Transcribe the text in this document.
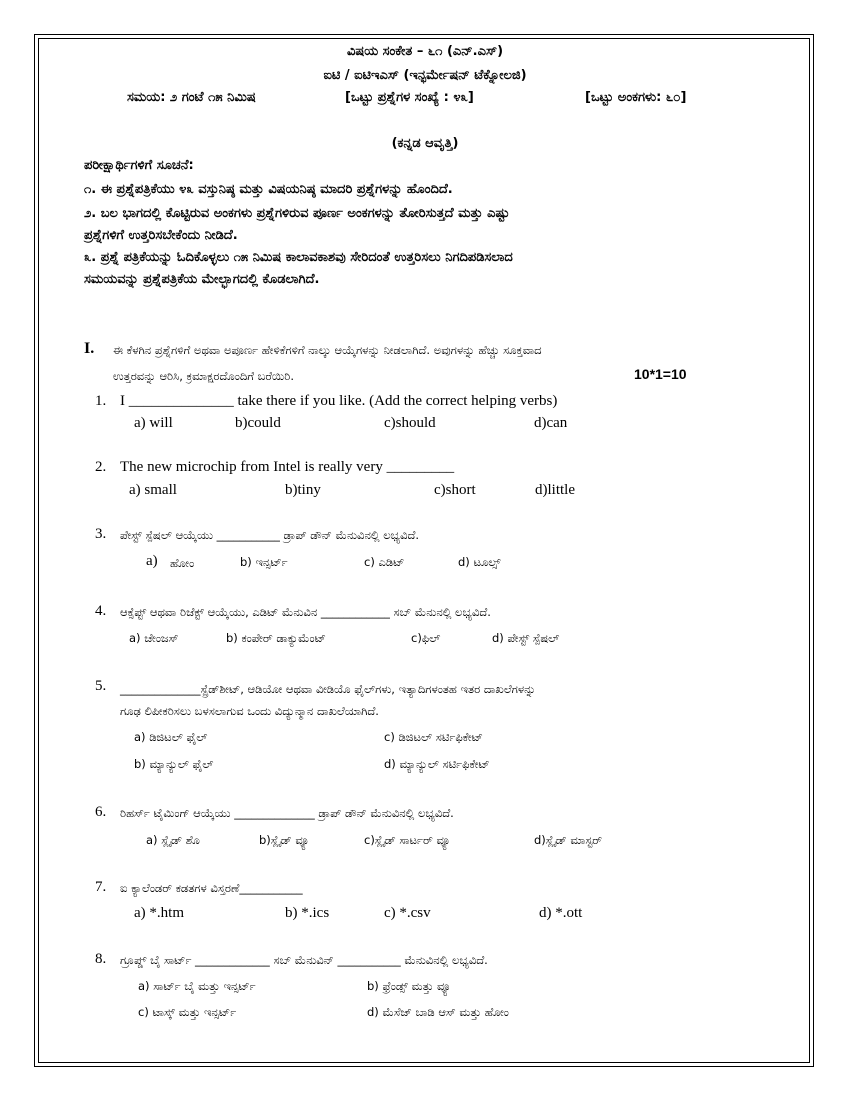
ವಿಷಯ ಸಂಕೇತ – ೬೧ (ಎನ್.ಎಸ್)
ಐಟಿ / ಐಟಿಇಎಸ್ (ಇನ್ಫರ್ಮೇಷನ್ ಟೆಕ್ನೋಲಜಿ)
ಸಮಯ: ೨ ಗಂಟೆ ೧೫ ನಿಮಿಷ	[ಒಟ್ಟು ಪ್ರಶ್ನೆಗಳ ಸಂಖ್ಯೆ : ೪೩]	[ಒಟ್ಟು ಅಂಕಗಳು: ೬೦]
(ಕನ್ನಡ ಆವೃತ್ತಿ)
ಪರೀಕ್ಷಾರ್ಥಿಗಳಿಗೆ ಸೂಚನೆ:
೧. ಈ ಪ್ರಶ್ನೆಪತ್ರಿಕೆಯು ೪೩ ವಸ್ತುನಿಷ್ಠ ಮತ್ತು ವಿಷಯನಿಷ್ಠ ಮಾದರಿ ಪ್ರಶ್ನೆಗಳನ್ನು ಹೊಂದಿದೆ.
೨. ಬಲ ಭಾಗದಲ್ಲಿ ಕೊಟ್ಟಿರುವ ಅಂಕಗಳು ಪ್ರಶ್ನೆಗಳಿರುವ ಪೂರ್ಣ ಅಂಕಗಳನ್ನು ತೋರಿಸುತ್ತದೆ ಮತ್ತು ಎಷ್ಟು
ಪ್ರಶ್ನೆಗಳಿಗೆ ಉತ್ತರಿಸಬೇಕೆಂದು ನೀಡಿದೆ.
೩. ಪ್ರಶ್ನೆ ಪತ್ರಿಕೆಯನ್ನು ಓದಿಕೊಳ್ಳಲು ೧೫ ನಿಮಿಷ ಕಾಲಾವಕಾಶವು ಸೇರಿದಂತೆ ಉತ್ತರಿಸಲು ನಿಗದಿಪಡಿಸಲಾದ
ಸಮಯವನ್ನು ಪ್ರಶ್ನೆಪತ್ರಿಕೆಯ ಮೇಲ್ಭಾಗದಲ್ಲಿ ಕೊಡಲಾಗಿದೆ.
I. ಈ ಕೆಳಗಿನ ಪ್ರಶ್ನೆಗಳಿಗೆ ಅಥವಾ ಅಪೂರ್ಣ ಹೇಳಿಕೆಗಳಿಗೆ ನಾಲ್ಕು ಆಯ್ಕೆಗಳನ್ನು ನೀಡಲಾಗಿದೆ. ಅವುಗಳನ್ನು ಹೆಚ್ಚು ಸೂಕ್ತವಾದ
ಉತ್ತರವನ್ನು ಆರಿಸಿ, ಕ್ರಮಾಕ್ಷರದೊಂದಿಗೆ ಬರೆಯಿರಿ.	10*1=10
1. I ______________ take there if you like. (Add the correct helping verbs)
a) will	b)could	c)should	d)can
2. The new microchip from Intel is really very _________
a) small	b)tiny	c)short	d)little
3. ಪೇಸ್ಟ್ ಸ್ಪೆಷಲ್ ಆಯ್ಕೆಯು ___________ ಡ್ರಾಪ್ ಡೌನ್ ಮೆನುವಿನಲ್ಲಿ ಲಭ್ಯವಿದೆ.
a) ಹೋಂ	b) ಇನ್ಸರ್ಟ್	c) ಎಡಿಟ್	d) ಟೂಲ್ಸ್
4. ಆಕ್ಸೆಪ್ಟ್ ಆಥವಾ ರಿಜೆಕ್ಟ್ ಆಯ್ಕೆಯು, ಎಡಿಟ್ ಮೆನುವಿನ ____________ ಸಬ್ ಮೆನುನಲ್ಲಿ ಲಭ್ಯವಿದೆ.
a) ಚೇಂಜಸ್	b) ಕಂಪೇರ್ ಡಾಕ್ಯುಮೆಂಟ್	c)ಫಿಲ್	d) ಪೇಸ್ಟ್ ಸ್ಪೆಷಲ್
5. ______________ಸ್ಪ್ರೆಡ್‌ಶೀಟ್, ಆಡಿಯೋ ಆಥವಾ ವೀಡಿಯೊ ಫೈಲ್‌ಗಳು, ಇತ್ಯಾದಿಗಳಂತಹ ಇತರ ದಾಖಲೆಗಳನ್ನು
ಗೂಢ ಲಿಪೀಕರಿಸಲು ಬಳಸಲಾಗುವ ಒಂದು ವಿದ್ಯುನ್ಮಾನ ದಾಖಲೆಯಾಗಿದೆ.
a) ಡಿಜಿಟಲ್ ಫೈಲ್	c) ಡಿಜಿಟಲ್ ಸರ್ಟಿಫಿಕೇಟ್
b) ಮ್ಯಾನ್ಯುಲ್ ಫೈಲ್	d) ಮ್ಯಾನ್ಯುಲ್ ಸರ್ಟಿಫಿಕೇಟ್
6. ರಿಹರ್ಸ್ ಟೈಮಿಂಗ್ ಆಯ್ಕೆಯು ______________ ಡ್ರಾಪ್ ಡೌನ್ ಮೆನುವಿನಲ್ಲಿ ಲಭ್ಯವಿದೆ.
a) ಸ್ಲೈಡ್ ಶೊ	b)ಸ್ಲೈಡ್ ವ್ಯೂ	c)ಸ್ಲೈಡ್ ಸಾರ್ಟರ್ ವ್ಯೂ	d)ಸ್ಲೈಡ್ ಮಾಸ್ಟರ್
7. ಐ ಕ್ಯಾಲೆಂಡರ್ ಕಡತಗಳ ವಿಸ್ತರಣೆ___________
a) *.htm	b) *.ics	c) *.csv	d) *.ott
8. ಗ್ರೂಪ್ಡ್ ಬೈ ಸಾರ್ಟ್ _____________ ಸಬ್ ಮೆನುವಿನ್ ___________ ಮೆನುವಿನಲ್ಲಿ ಲಭ್ಯವಿದೆ.
a) ಸಾರ್ಟ್ ಬೈ ಮತ್ತು ಇನ್ಸರ್ಟ್	b) ಫ್ರೆಂಡ್ಸ್ ಮತ್ತು ವ್ಯೂ
c) ಟಾಸ್ಕ್ ಮತ್ತು ಇನ್ಸರ್ಟ್	d) ಮೆಸೆಜ್ ಬಾಡಿ ಆಸ್ ಮತ್ತು ಹೋಂ
